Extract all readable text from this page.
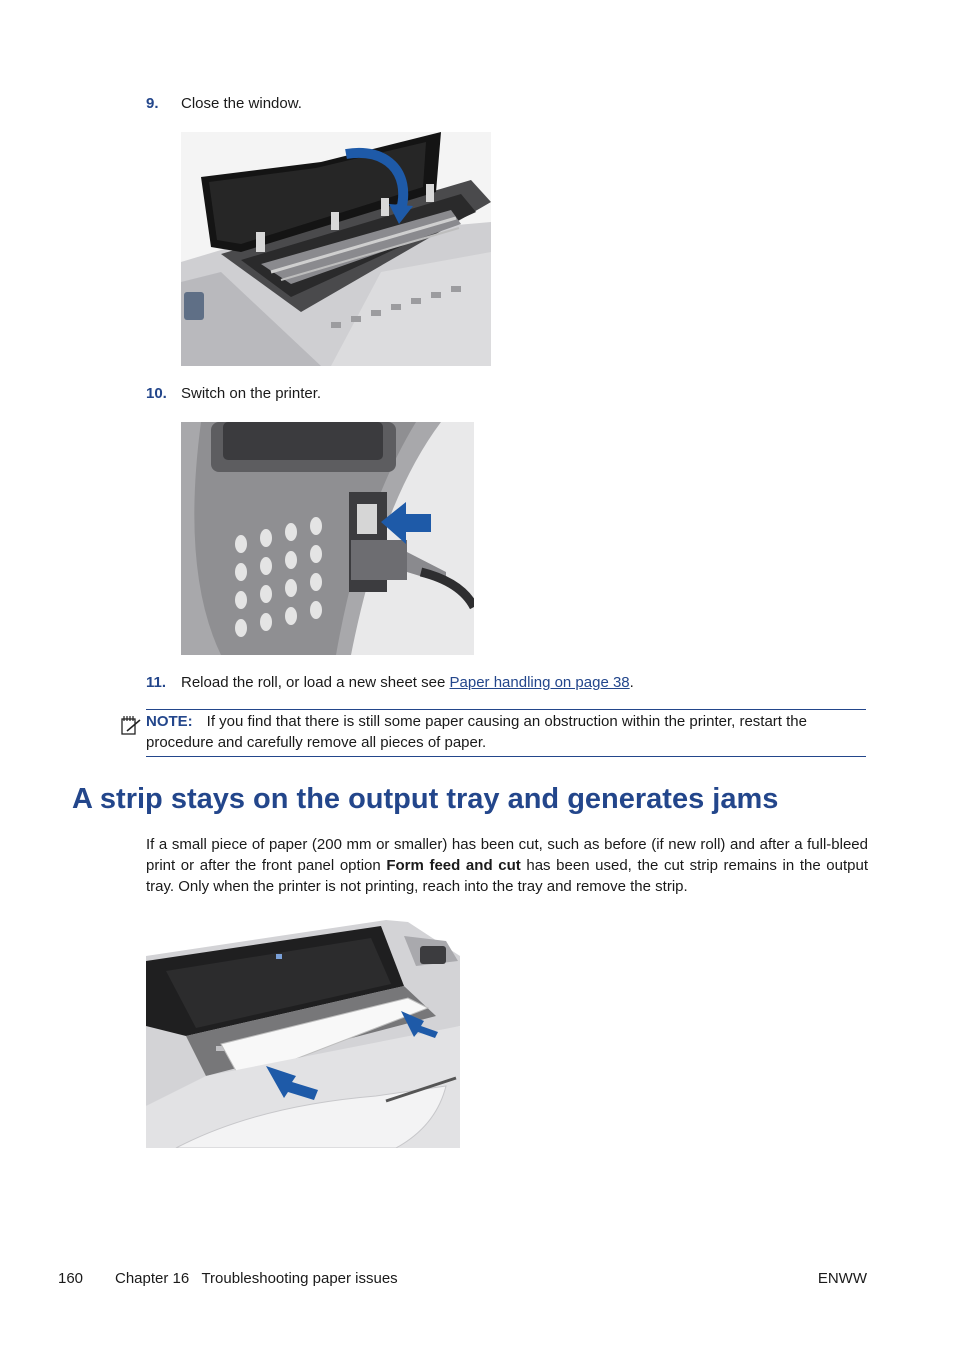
9. Close the window.
10. Switch on the printer.
11. Reload the roll, or load a new sheet see Paper handling on page 38.
NOTE: If you find that there is still some paper causing an obstruction within the printer, restart the procedure and carefully remove all pieces of paper.
A strip stays on the output tray and generates jams

If a small piece of paper (200 mm or smaller) has been cut, such as before (if new roll) and after a full-bleed print or after the front panel option Form feed and cut has been used, the cut strip remains in the output tray. Only when the printer is not printing, reach into the tray and remove the strip.

160 Chapter 16   Troubleshooting paper issues	ENWW
